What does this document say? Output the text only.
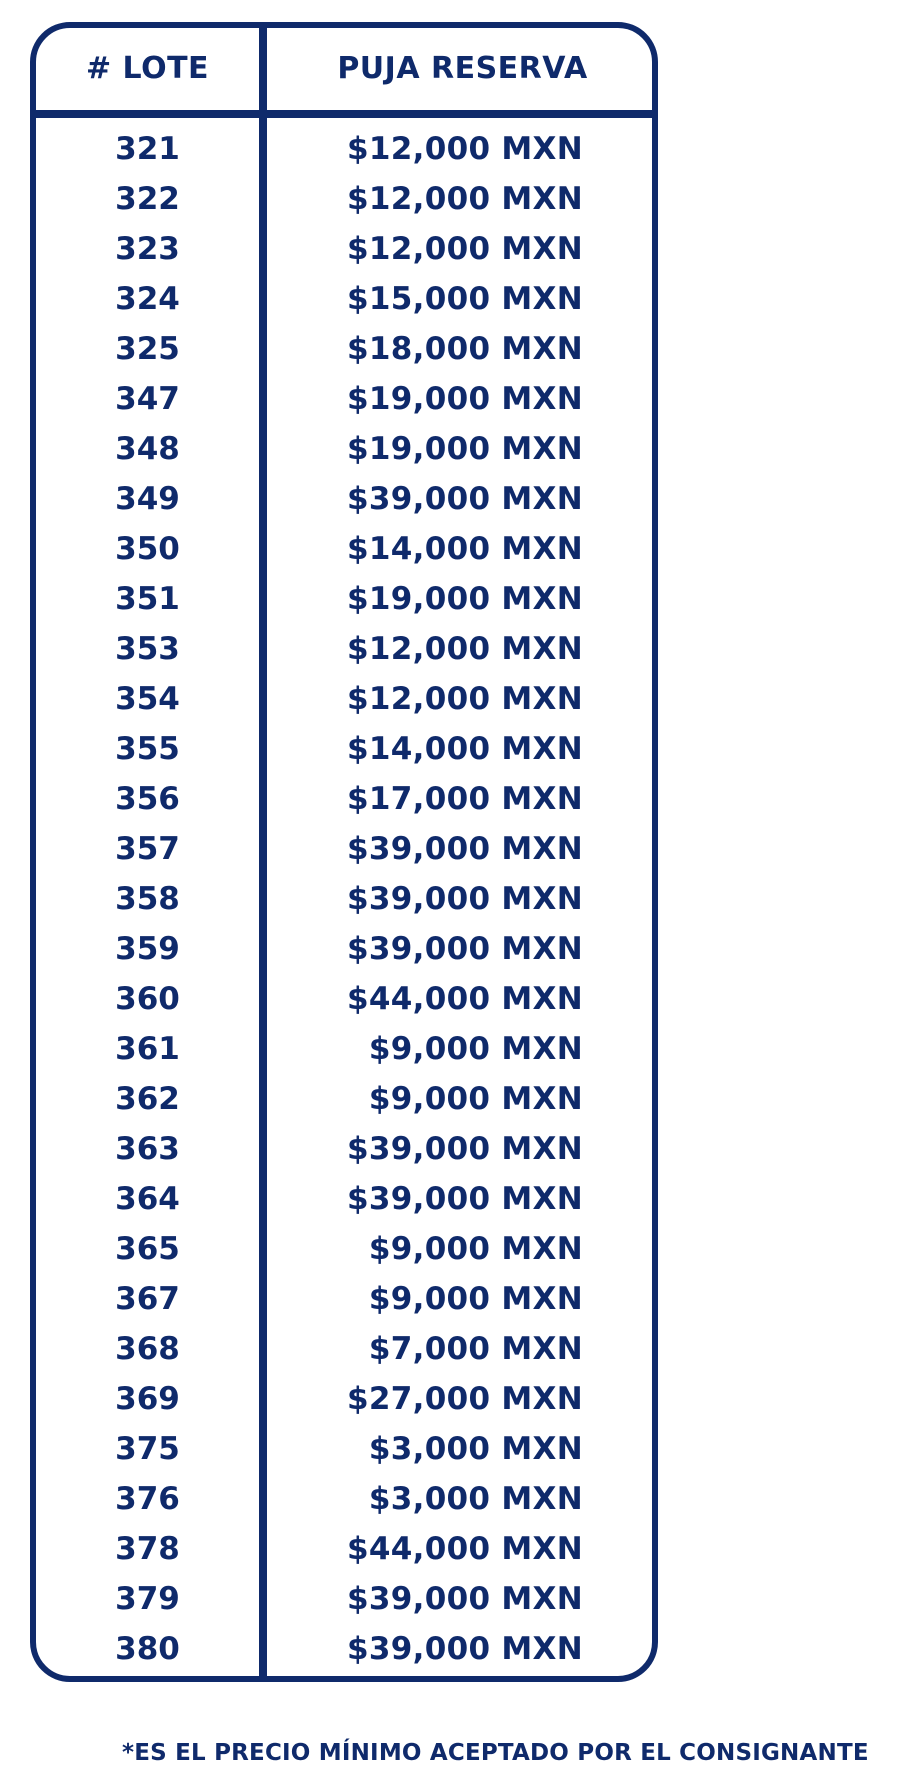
# LOTE	PUJA RESERVA
321	$12,000 MXN
322	$12,000 MXN
323	$12,000 MXN
324	$15,000 MXN
325	$18,000 MXN
347	$19,000 MXN
348	$19,000 MXN
349	$39,000 MXN
350	$14,000 MXN
351	$19,000 MXN
353	$12,000 MXN
354	$12,000 MXN
355	$14,000 MXN
356	$17,000 MXN
357	$39,000 MXN
358	$39,000 MXN
359	$39,000 MXN
360	$44,000 MXN
361	$9,000 MXN
362	$9,000 MXN
363	$39,000 MXN
364	$39,000 MXN
365	$9,000 MXN
367	$9,000 MXN
368	$7,000 MXN
369	$27,000 MXN
375	$3,000 MXN
376	$3,000 MXN
378	$44,000 MXN
379	$39,000 MXN
380	$39,000 MXN
*ES EL PRECIO MÍNIMO ACEPTADO POR EL CONSIGNANTE
